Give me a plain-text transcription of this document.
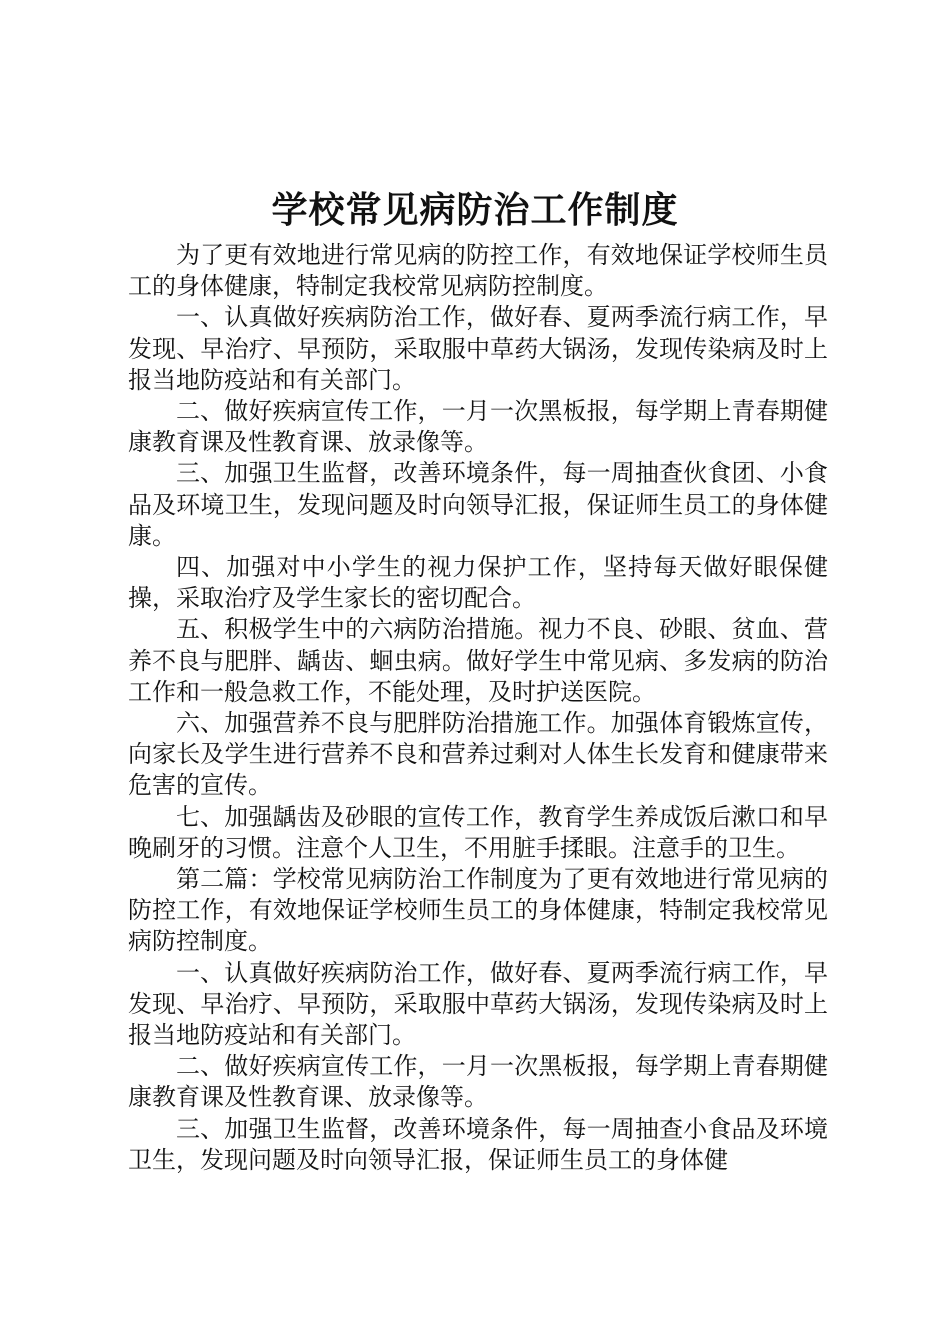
学校常见病防治工作制度

为了更有效地进行常见病的防控工作，有效地保证学校师生员工的身体健康，特制定我校常见病防控制度。

一、认真做好疾病防治工作，做好春、夏两季流行病工作，早发现、早治疗、早预防，采取服中草药大锅汤，发现传染病及时上报当地防疫站和有关部门。

二、做好疾病宣传工作，一月一次黑板报，每学期上青春期健康教育课及性教育课、放录像等。

三、加强卫生监督，改善环境条件，每一周抽查伙食团、小食品及环境卫生，发现问题及时向领导汇报，保证师生员工的身体健康。

四、加强对中小学生的视力保护工作，坚持每天做好眼保健操，采取治疗及学生家长的密切配合。

五、积极学生中的六病防治措施。视力不良、砂眼、贫血、营养不良与肥胖、龋齿、蛔虫病。做好学生中常见病、多发病的防治工作和一般急救工作，不能处理，及时护送医院。

六、加强营养不良与肥胖防治措施工作。加强体育锻炼宣传，向家长及学生进行营养不良和营养过剩对人体生长发育和健康带来危害的宣传。

七、加强龋齿及砂眼的宣传工作，教育学生养成饭后漱口和早晚刷牙的习惯。注意个人卫生，不用脏手揉眼。注意手的卫生。

第二篇：学校常见病防治工作制度为了更有效地进行常见病的防控工作，有效地保证学校师生员工的身体健康，特制定我校常见病防控制度。

一、认真做好疾病防治工作，做好春、夏两季流行病工作，早发现、早治疗、早预防，采取服中草药大锅汤，发现传染病及时上报当地防疫站和有关部门。

二、做好疾病宣传工作，一月一次黑板报，每学期上青春期健康教育课及性教育课、放录像等。

三、加强卫生监督，改善环境条件，每一周抽查小食品及环境卫生，发现问题及时向领导汇报，保证师生员工的身体健
